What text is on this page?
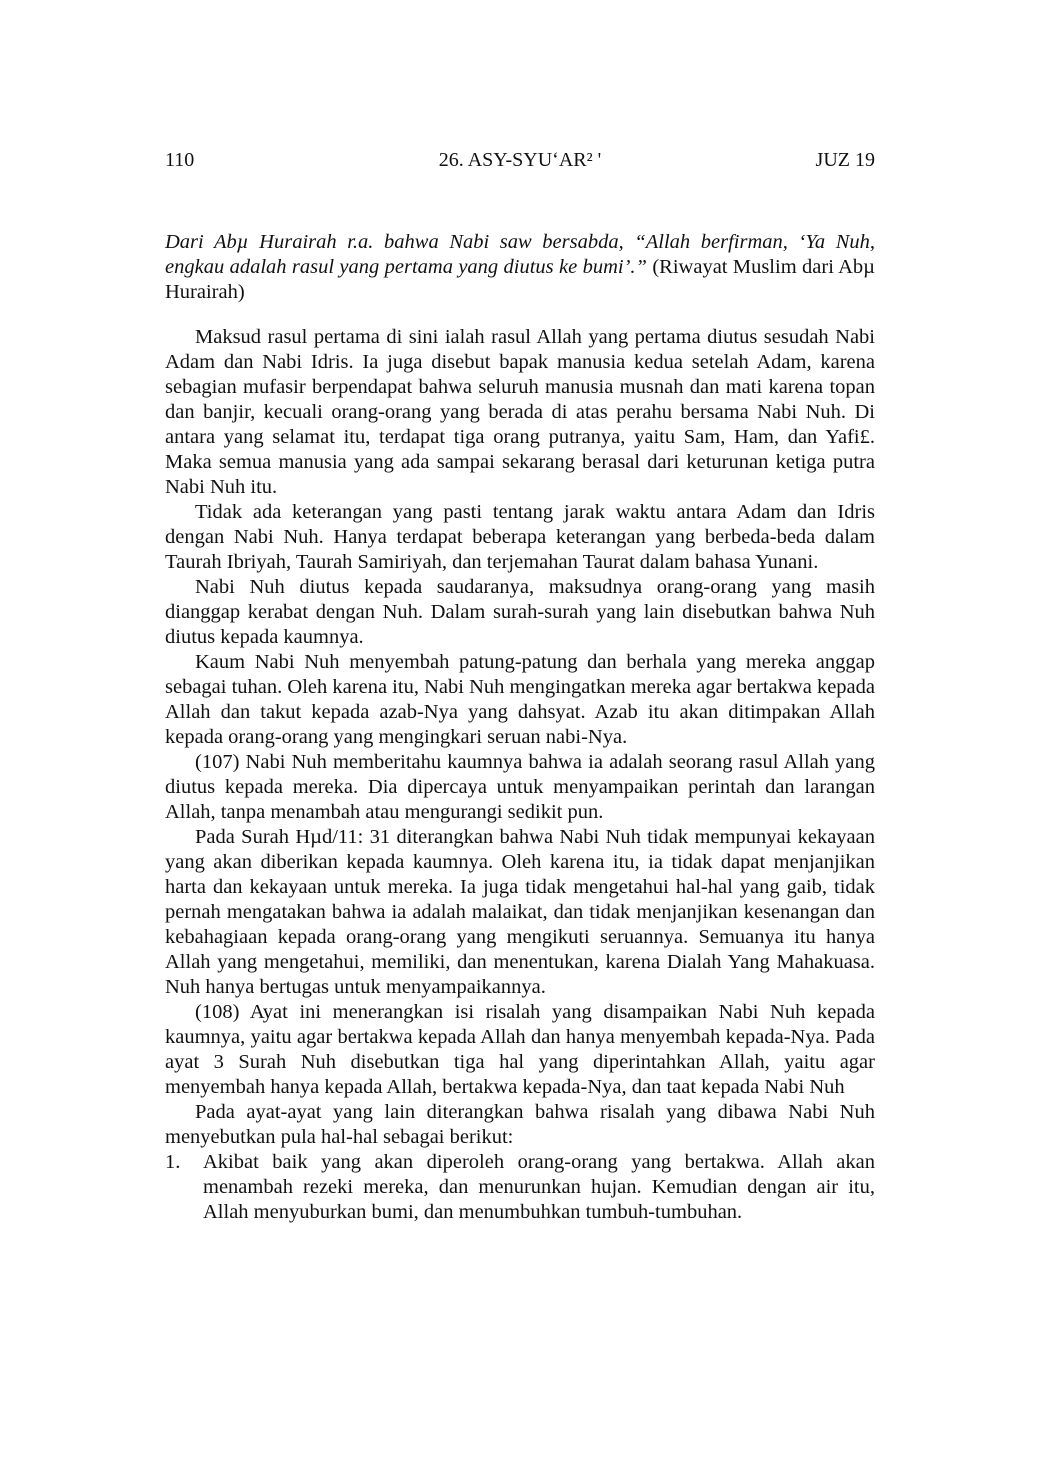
110	26. ASY-SYU‘AR² '	JUZ 19

Dari Abµ Hurairah r.a. bahwa Nabi saw bersabda, “Allah berfirman, ‘Ya Nuh, engkau adalah rasul yang pertama yang diutus ke bumi’.” (Riwayat Muslim dari Abµ Hurairah)

Maksud rasul pertama di sini ialah rasul Allah yang pertama diutus sesudah Nabi Adam dan Nabi Idris. Ia juga disebut bapak manusia kedua setelah Adam, karena sebagian mufasir berpendapat bahwa seluruh manusia musnah dan mati karena topan dan banjir, kecuali orang-orang yang berada di atas perahu bersama Nabi Nuh. Di antara yang selamat itu, terdapat tiga orang putranya, yaitu Sam, Ham, dan Yafi£. Maka semua manusia yang ada sampai sekarang berasal dari keturunan ketiga putra Nabi Nuh itu.

Tidak ada keterangan yang pasti tentang jarak waktu antara Adam dan Idris dengan Nabi Nuh. Hanya terdapat beberapa keterangan yang berbeda-beda dalam Taurah Ibriyah, Taurah Samiriyah, dan terjemahan Taurat dalam bahasa Yunani.

Nabi Nuh diutus kepada saudaranya, maksudnya orang-orang yang masih dianggap kerabat dengan Nuh. Dalam surah-surah yang lain disebutkan bahwa Nuh diutus kepada kaumnya.

Kaum Nabi Nuh menyembah patung-patung dan berhala yang mereka anggap sebagai tuhan. Oleh karena itu, Nabi Nuh mengingatkan mereka agar bertakwa kepada Allah dan takut kepada azab-Nya yang dahsyat. Azab itu akan ditimpakan Allah kepada orang-orang yang mengingkari seruan nabi-Nya.

(107) Nabi Nuh memberitahu kaumnya bahwa ia adalah seorang rasul Allah yang diutus kepada mereka. Dia dipercaya untuk menyampaikan perintah dan larangan Allah, tanpa menambah atau mengurangi sedikit pun.

Pada Surah Hµd/11: 31 diterangkan bahwa Nabi Nuh tidak mempunyai kekayaan yang akan diberikan kepada kaumnya. Oleh karena itu, ia tidak dapat menjanjikan harta dan kekayaan untuk mereka. Ia juga tidak mengetahui hal-hal yang gaib, tidak pernah mengatakan bahwa ia adalah malaikat, dan tidak menjanjikan kesenangan dan kebahagiaan kepada orang-orang yang mengikuti seruannya. Semuanya itu hanya Allah yang mengetahui, memiliki, dan menentukan, karena Dialah Yang Mahakuasa. Nuh hanya bertugas untuk menyampaikannya.

(108) Ayat ini menerangkan isi risalah yang disampaikan Nabi Nuh kepada kaumnya, yaitu agar bertakwa kepada Allah dan hanya menyembah kepada-Nya. Pada ayat 3 Surah Nuh disebutkan tiga hal yang diperintahkan Allah, yaitu agar menyembah hanya kepada Allah, bertakwa kepada-Nya, dan taat kepada Nabi Nuh

Pada ayat-ayat yang lain diterangkan bahwa risalah yang dibawa Nabi Nuh menyebutkan pula hal-hal sebagai berikut:

1. Akibat baik yang akan diperoleh orang-orang yang bertakwa. Allah akan menambah rezeki mereka, dan menurunkan hujan. Kemudian dengan air itu, Allah menyuburkan bumi, dan menumbuhkan tumbuh-tumbuhan.
